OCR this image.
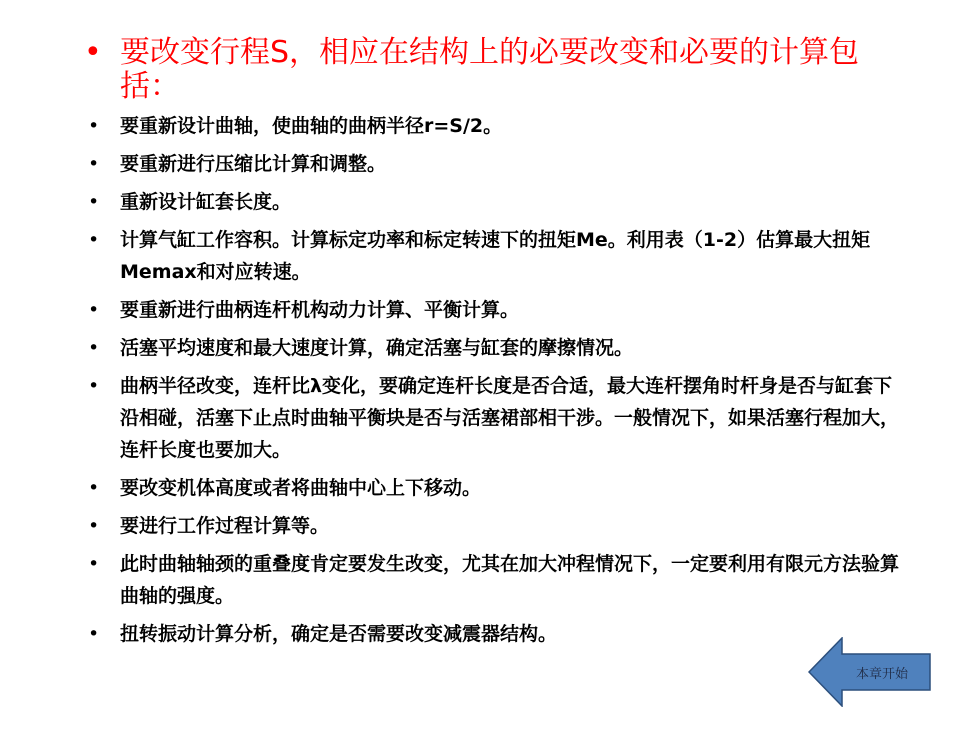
• 要改变行程S，相应在结构上的必要改变和必要的计算包括：
• 要重新设计曲轴，使曲轴的曲柄半径r=S/2。
• 要重新进行压缩比计算和调整。
• 重新设计缸套长度。
• 计算气缸工作容积。计算标定功率和标定转速下的扭矩Me。利用表（1-2）估算最大扭矩Memax和对应转速。
• 要重新进行曲柄连杆机构动力计算、平衡计算。
• 活塞平均速度和最大速度计算，确定活塞与缸套的摩擦情况。
• 曲柄半径改变，连杆比λ变化，要确定连杆长度是否合适，最大连杆摆角时杆身是否与缸套下沿相碰，活塞下止点时曲轴平衡块是否与活塞裙部相干涉。一般情况下，如果活塞行程加大，连杆长度也要加大。
• 要改变机体高度或者将曲轴中心上下移动。
• 要进行工作过程计算等。
• 此时曲轴轴颈的重叠度肯定要发生改变，尤其在加大冲程情况下，一定要利用有限元方法验算曲轴的强度。
• 扭转振动计算分析，确定是否需要改变减震器结构。
本章开始
